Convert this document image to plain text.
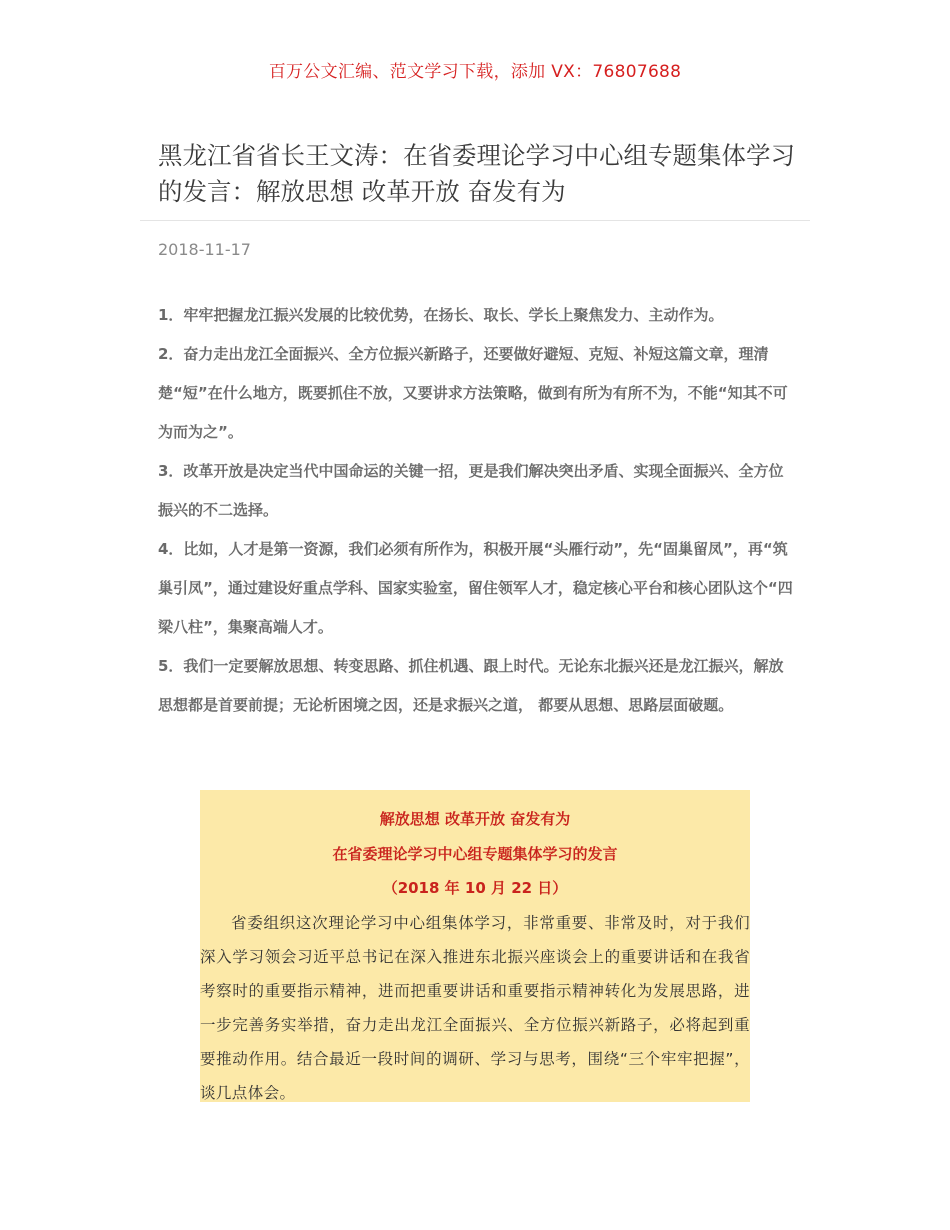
百万公文汇编、范文学习下载，添加 VX：76807688
黑龙江省省长王文涛：在省委理论学习中心组专题集体学习的发言：解放思想 改革开放 奋发有为
2018-11-17

1．牢牢把握龙江振兴发展的比较优势，在扬长、取长、学长上聚焦发力、主动作为。

2．奋力走出龙江全面振兴、全方位振兴新路子，还要做好避短、克短、补短这篇文章，理清楚“短”在什么地方，既要抓住不放，又要讲求方法策略，做到有所为有所不为，不能“知其不可为而为之”。

3．改革开放是决定当代中国命运的关键一招，更是我们解决突出矛盾、实现全面振兴、全方位振兴的不二选择。

4．比如，人才是第一资源，我们必须有所作为，积极开展“头雁行动”，先“固巢留凤”，再“筑巢引凤”，通过建设好重点学科、国家实验室，留住领军人才，稳定核心平台和核心团队这个“四梁八柱”，集聚高端人才。

5．我们一定要解放思想、转变思路、抓住机遇、跟上时代。无论东北振兴还是龙江振兴，解放思想都是首要前提；无论析困境之因，还是求振兴之道， 都要从思想、思路层面破题。

解放思想 改革开放 奋发有为

在省委理论学习中心组专题集体学习的发言

（2018 年 10 月 22 日）

省委组织这次理论学习中心组集体学习，非常重要、非常及时，对于我们深入学习领会习近平总书记在深入推进东北振兴座谈会上的重要讲话和在我省考察时的重要指示精神，进而把重要讲话和重要指示精神转化为发展思路，进一步完善务实举措，奋力走出龙江全面振兴、全方位振兴新路子，必将起到重要推动作用。结合最近一段时间的调研、学习与思考，围绕“三个牢牢把握”， 谈几点体会。
